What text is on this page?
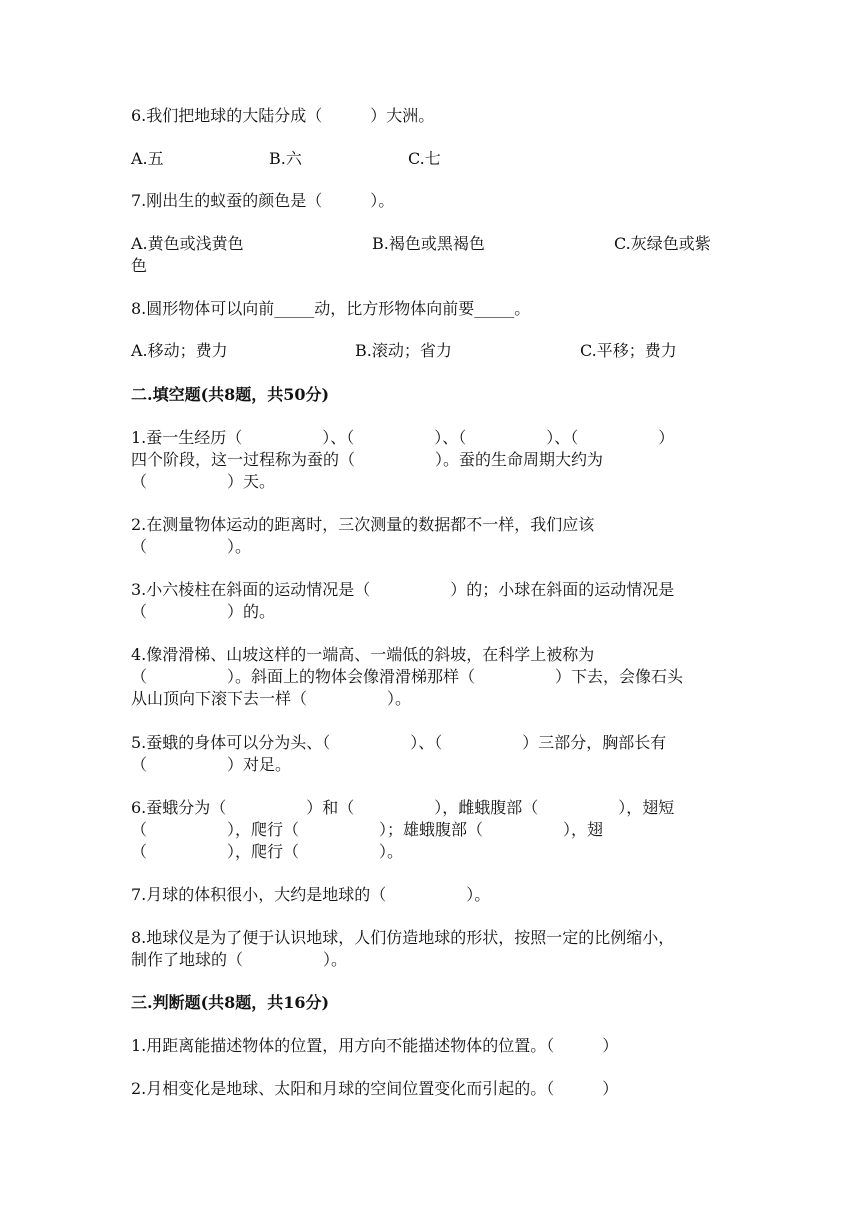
6.我们把地球的大陆分成（　　　）大洲。

A.五	B.六	C.七

7.刚出生的蚁蚕的颜色是（　　　）。

A.黄色或浅黄色	B.褐色或黑褐色	C.灰绿色或紫

色

8.圆形物体可以向前_____动，比方形物体向前要_____。

A.移动；费力	B.滚动；省力	C.平移；费力

二.填空题(共8题，共50分)

1.蚕一生经历（　　　　　）、（　　　　　）、（　　　　　）、（　　　　　）

四个阶段，这一过程称为蚕的（　　　　　）。蚕的生命周期大约为

（　　　　　）天。

2.在测量物体运动的距离时，三次测量的数据都不一样，我们应该

（　　　　　）。

3.小六棱柱在斜面的运动情况是（　　　　　）的；小球在斜面的运动情况是

（　　　　　）的。

4.像滑滑梯、山坡这样的一端高、一端低的斜坡，在科学上被称为

（　　　　　）。斜面上的物体会像滑滑梯那样（　　　　　）下去，会像石头

从山顶向下滚下去一样（　　　　　）。

5.蚕蛾的身体可以分为头、（　　　　　）、（　　　　　）三部分，胸部长有

（　　　　　）对足。

6.蚕蛾分为（　　　　　）和（　　　　　），雌蛾腹部（　　　　　），翅短

（　　　　　），爬行（　　　　　）；雄蛾腹部（　　　　　），翅

（　　　　　），爬行（　　　　　）。

7.月球的体积很小，大约是地球的（　　　　　）。

8.地球仪是为了便于认识地球，人们仿造地球的形状，按照一定的比例缩小，

制作了地球的（　　　　　）。

三.判断题(共8题，共16分)

1.用距离能描述物体的位置，用方向不能描述物体的位置。（　　　）

2.月相变化是地球、太阳和月球的空间位置变化而引起的。（　　　）
